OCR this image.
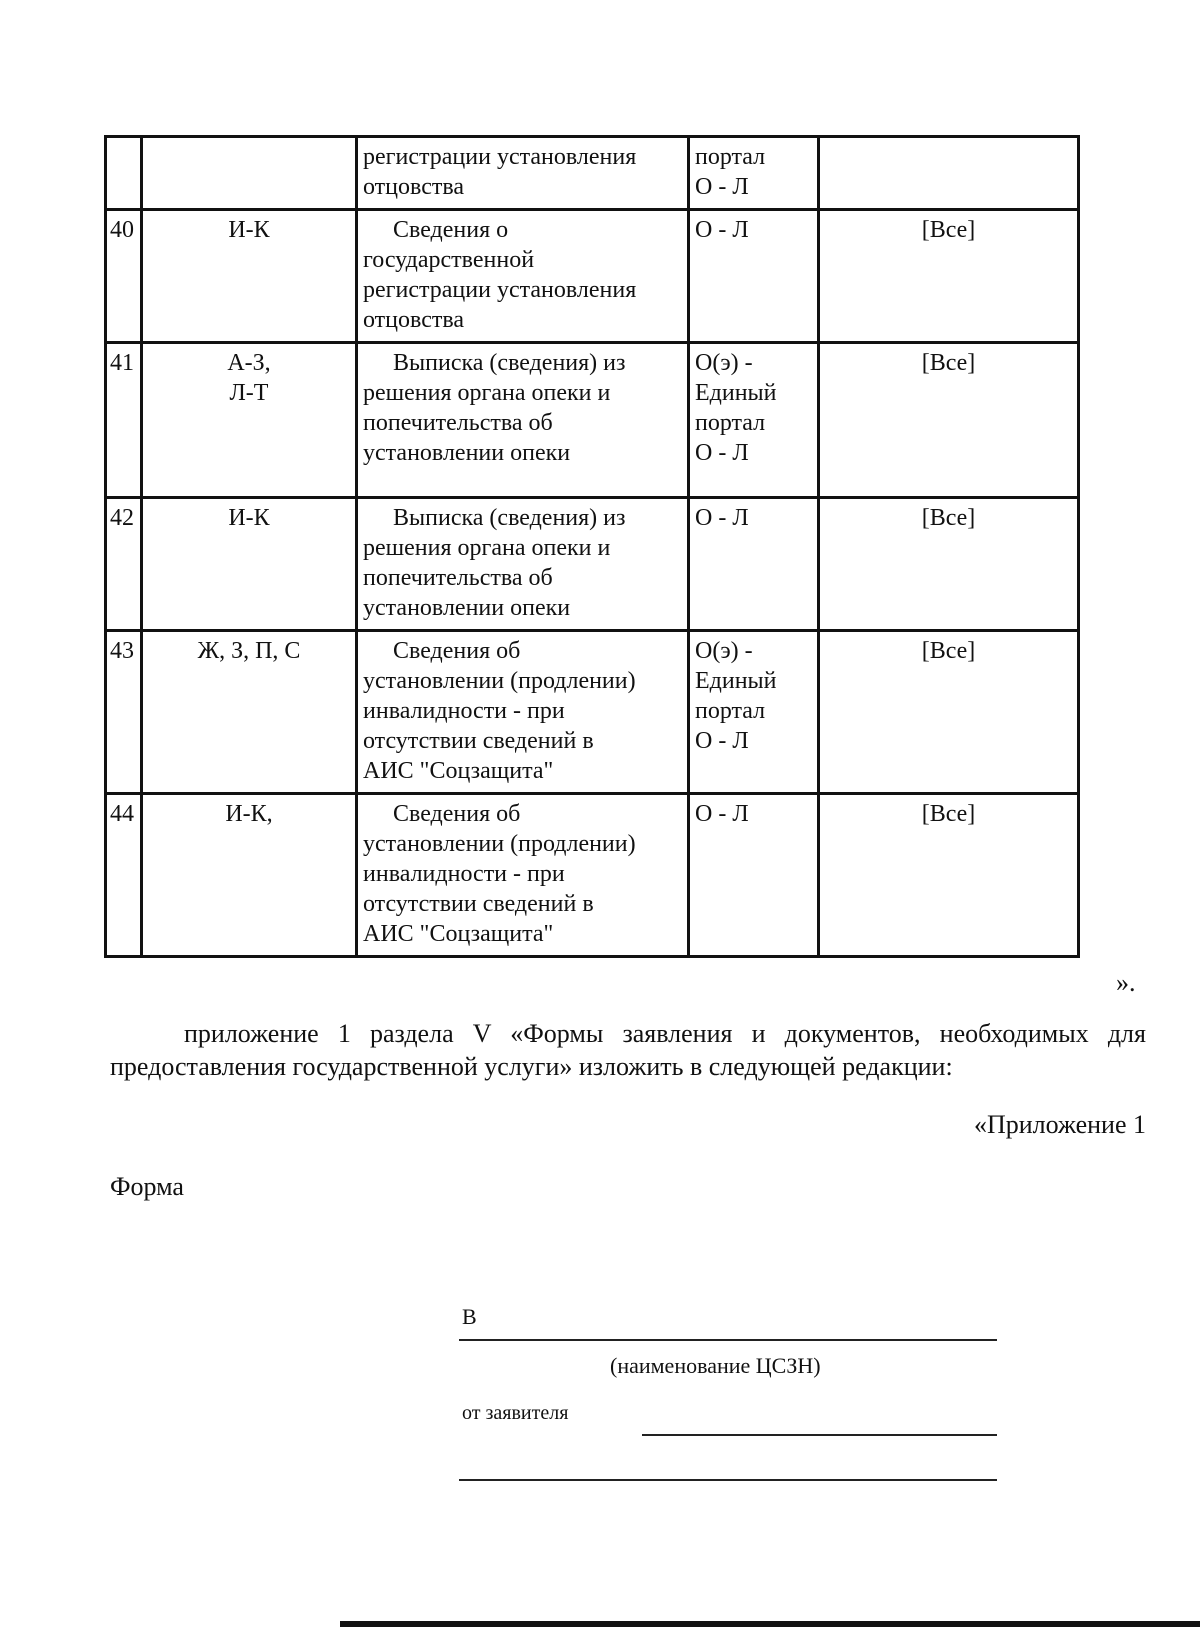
		регистрации установления
отцовства	портал
О - Л	

40	И-К	Сведения о
государственной
регистрации установления
отцовства	О - Л	[Все]
41	А-З,
Л-Т	Выписка (сведения) из
решения органа опеки и
попечительства об
установлении опеки	О(э) -
Единый
портал
О - Л	[Все]
42	И-К	Выписка (сведения) из
решения органа опеки и
попечительства об
установлении опеки	О - Л	[Все]
43	Ж, З, П, С	Сведения об
установлении (продлении)
инвалидности - при
отсутствии сведений в
АИС "Соцзащита"	О(э) -
Единый
портал
О - Л	[Все]
44	И-К,	Сведения об
установлении (продлении)
инвалидности - при
отсутствии сведений в
АИС "Соцзащита"	О - Л	[Все]
».
приложение 1 раздела V «Формы заявления и документов, необходимых для
предоставления государственной услуги» изложить в следующей редакции:
«Приложение 1
Форма
В
(наименование ЦСЗН)
от заявителя
